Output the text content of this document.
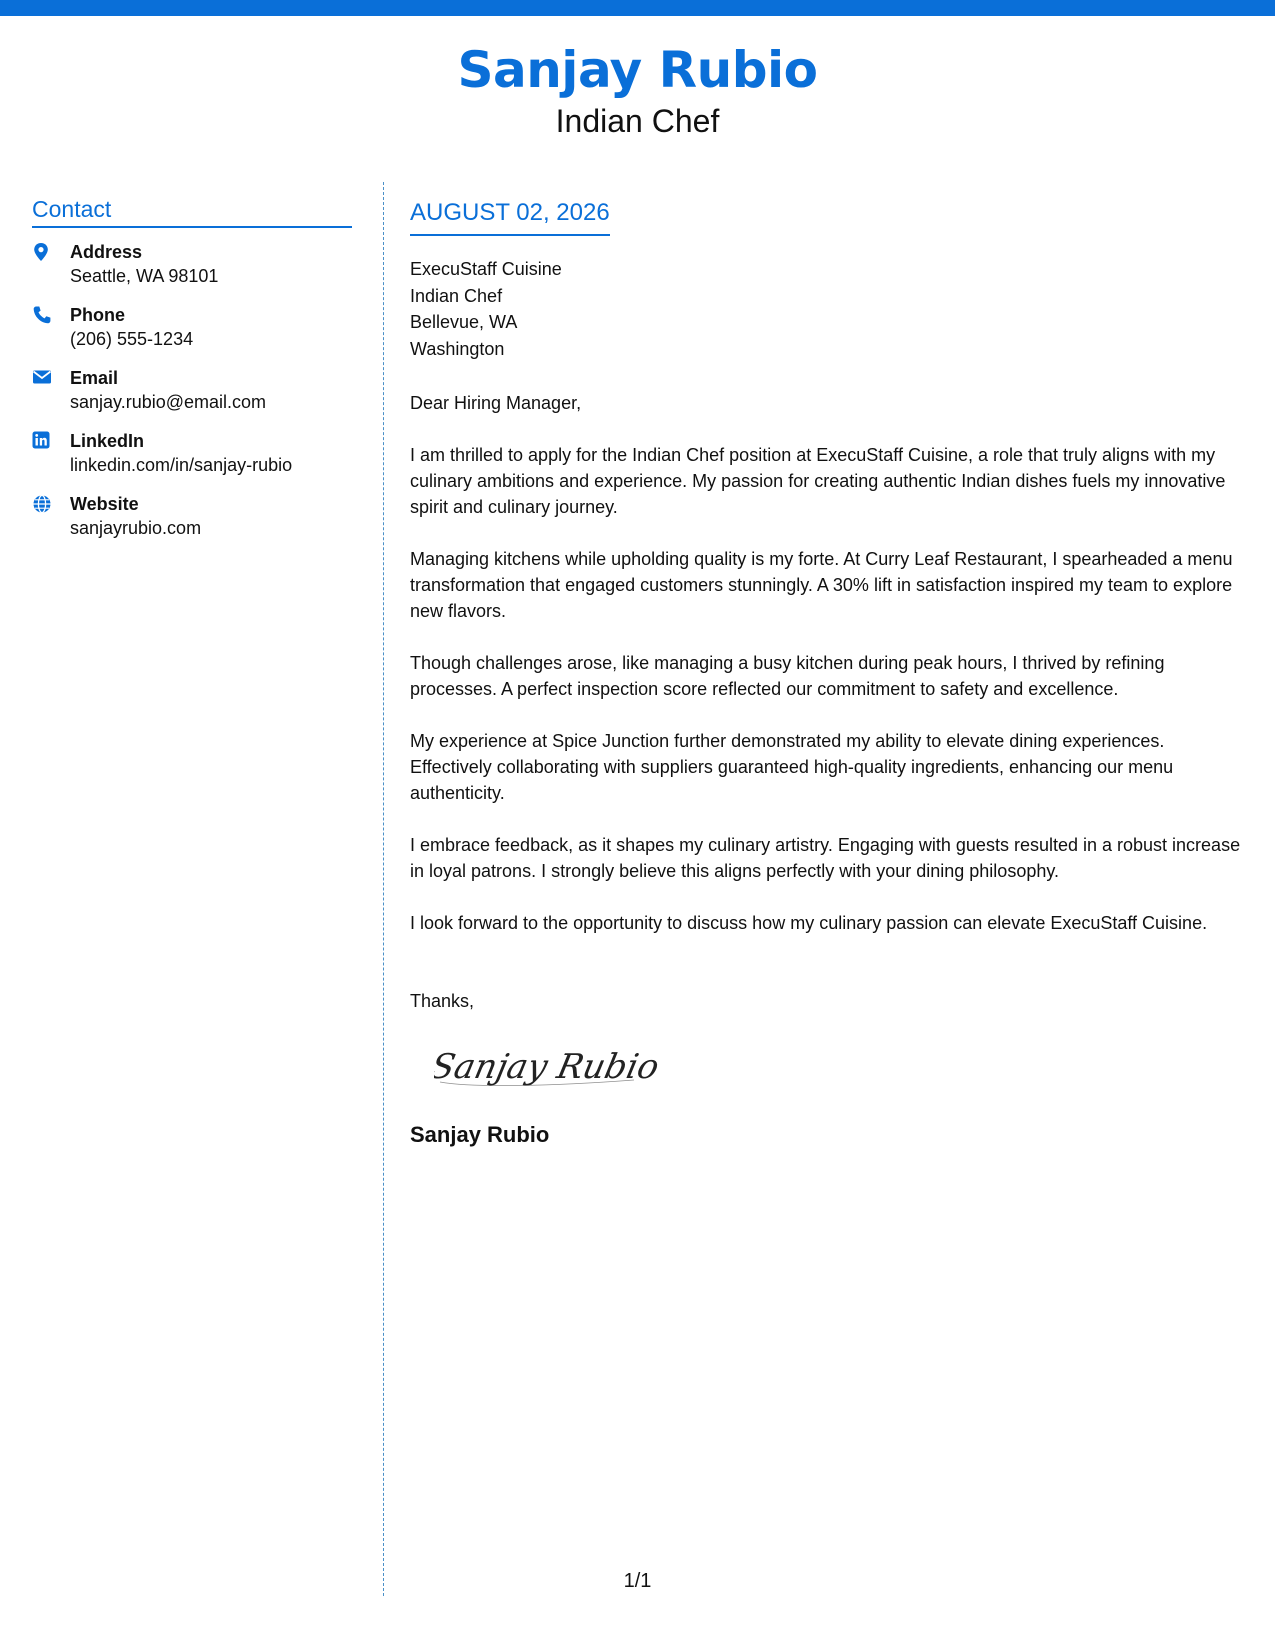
Sanjay Rubio
Indian Chef
Contact
Address
Seattle, WA 98101
Phone
(206) 555-1234
Email
sanjay.rubio@email.com
LinkedIn
linkedin.com/in/sanjay-rubio
Website
sanjayrubio.com
AUGUST 02, 2026
ExecuStaff Cuisine
Indian Chef
Bellevue, WA
Washington
Dear Hiring Manager,
I am thrilled to apply for the Indian Chef position at ExecuStaff Cuisine, a role that truly aligns with my culinary ambitions and experience. My passion for creating authentic Indian dishes fuels my innovative spirit and culinary journey.
Managing kitchens while upholding quality is my forte. At Curry Leaf Restaurant, I spearheaded a menu transformation that engaged customers stunningly. A 30% lift in satisfaction inspired my team to explore new flavors.
Though challenges arose, like managing a busy kitchen during peak hours, I thrived by refining processes. A perfect inspection score reflected our commitment to safety and excellence.
My experience at Spice Junction further demonstrated my ability to elevate dining experiences. Effectively collaborating with suppliers guaranteed high-quality ingredients, enhancing our menu authenticity.
I embrace feedback, as it shapes my culinary artistry. Engaging with guests resulted in a robust increase in loyal patrons. I strongly believe this aligns perfectly with your dining philosophy.
I look forward to the opportunity to discuss how my culinary passion can elevate ExecuStaff Cuisine.
Thanks,
Sanjay Rubio
Sanjay Rubio
1/1
